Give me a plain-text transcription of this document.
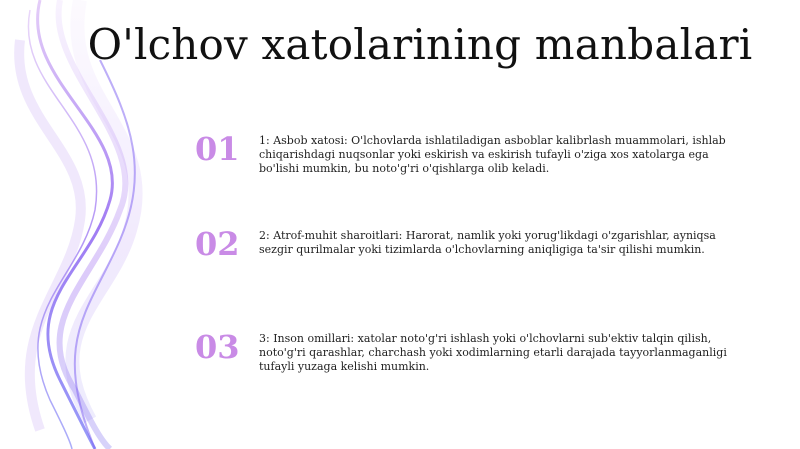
O'lchov xatolarining manbalari
01 1: Asbob xatosi: O'lchovlarda ishlatiladigan asboblar kalibrlash muammolari, ishlab chiqarishdagi nuqsonlar yoki eskirish va eskirish tufayli o'ziga xos xatolarga ega bo'lishi mumkin, bu noto'g'ri o'qishlarga olib keladi.
02 2: Atrof-muhit sharoitlari: Harorat, namlik yoki yorug'likdagi o'zgarishlar, ayniqsa sezgir qurilmalar yoki tizimlarda o'lchovlarning aniqligiga ta'sir qilishi mumkin.
03 3: Inson omillari: xatolar noto'g'ri ishlash yoki o'lchovlarni sub'ektiv talqin qilish, noto'g'ri qarashlar, charchash yoki xodimlarning etarli darajada tayyorlanmaganligi tufayli yuzaga kelishi mumkin.
